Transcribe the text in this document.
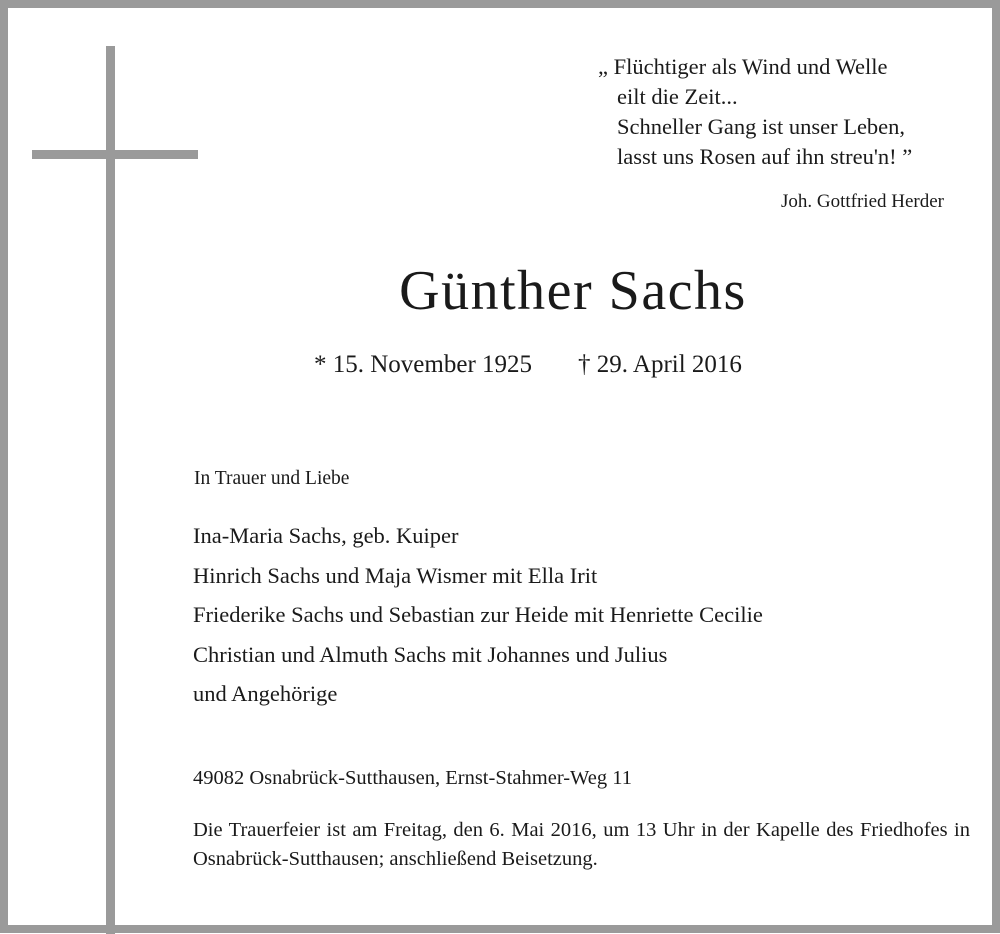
„ Flüchtiger als Wind und Welle
eilt die Zeit...
Schneller Gang ist unser Leben,
lasst uns Rosen auf ihn streu'n! ”
Joh. Gottfried Herder
Günther Sachs
* 15. November 1925 † 29. April 2016
In Trauer und Liebe
Ina-Maria Sachs, geb. Kuiper
Hinrich Sachs und Maja Wismer mit Ella Irit
Friederike Sachs und Sebastian zur Heide mit Henriette Cecilie
Christian und Almuth Sachs mit Johannes und Julius
und Angehörige
49082 Osnabrück-Sutthausen, Ernst-Stahmer-Weg 11
Die Trauerfeier ist am Freitag, den 6. Mai 2016, um 13 Uhr in der Kapelle des Friedhofes in Osnabrück-Sutthausen; anschließend Beisetzung.
